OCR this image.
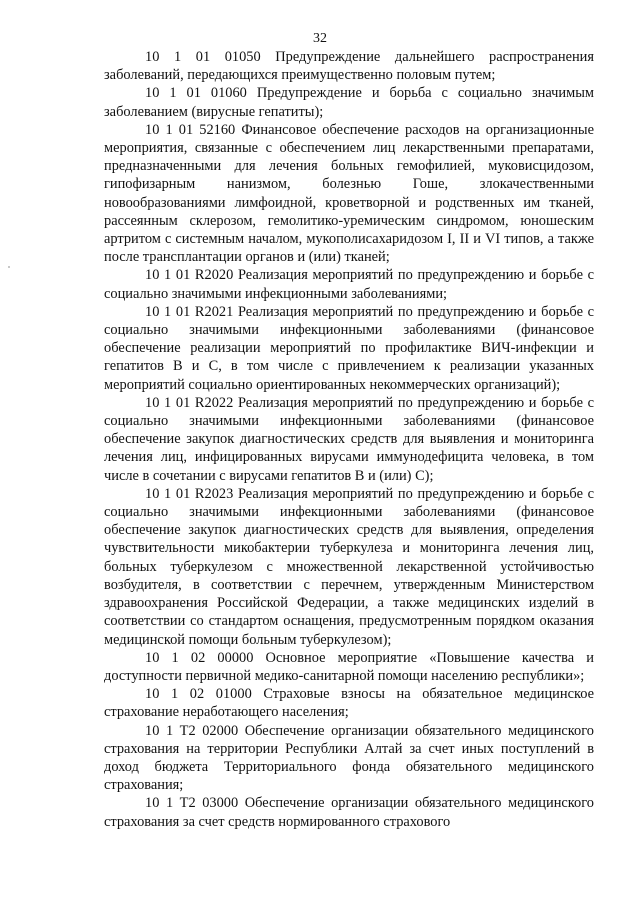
32

10 1 01 01050 Предупреждение дальнейшего распространения заболеваний, передающихся преимущественно половым путем;

10 1 01 01060 Предупреждение и борьба с социально значимым заболеванием (вирусные гепатиты);

10 1 01 52160 Финансовое обеспечение расходов на организационные мероприятия, связанные с обеспечением лиц лекарственными препаратами, предназначенными для лечения больных гемофилией, муковисцидозом, гипофизарным нанизмом, болезнью Гоше, злокачественными новообразованиями лимфоидной, кроветворной и родственных им тканей, рассеянным склерозом, гемолитико-уремическим синдромом, юношеским артритом с системным началом, мукополисахаридозом I, II и VI типов, а также после трансплантации органов и (или) тканей;

10 1 01 R2020 Реализация мероприятий по предупреждению и борьбе с социально значимыми инфекционными заболеваниями;

10 1 01 R2021 Реализация мероприятий по предупреждению и борьбе с социально значимыми инфекционными заболеваниями (финансовое обеспечение реализации мероприятий по профилактике ВИЧ-инфекции и гепатитов В и С, в том числе с привлечением к реализации указанных мероприятий социально ориентированных некоммерческих организаций);

10 1 01 R2022 Реализация мероприятий по предупреждению и борьбе с социально значимыми инфекционными заболеваниями (финансовое обеспечение закупок диагностических средств для выявления и мониторинга лечения лиц, инфицированных вирусами иммунодефицита человека, в том числе в сочетании с вирусами гепатитов В и (или) С);

10 1 01 R2023 Реализация мероприятий по предупреждению и борьбе с социально значимыми инфекционными заболеваниями (финансовое обеспечение закупок диагностических средств для выявления, определения чувствительности микобактерии туберкулеза и мониторинга лечения лиц, больных туберкулезом с множественной лекарственной устойчивостью возбудителя, в соответствии с перечнем, утвержденным Министерством здравоохранения Российской Федерации, а также медицинских изделий в соответствии со стандартом оснащения, предусмотренным порядком оказания медицинской помощи больным туберкулезом);

10 1 02 00000 Основное мероприятие «Повышение качества и доступности первичной медико-санитарной помощи населению республики»;

10 1 02 01000 Страховые взносы на обязательное медицинское страхование неработающего населения;

10 1 Т2 02000 Обеспечение организации обязательного медицинского страхования на территории Республики Алтай за счет иных поступлений в доход бюджета Территориального фонда обязательного медицинского страхования;

10 1 Т2 03000 Обеспечение организации обязательного медицинского страхования за счет средств нормированного страхового
